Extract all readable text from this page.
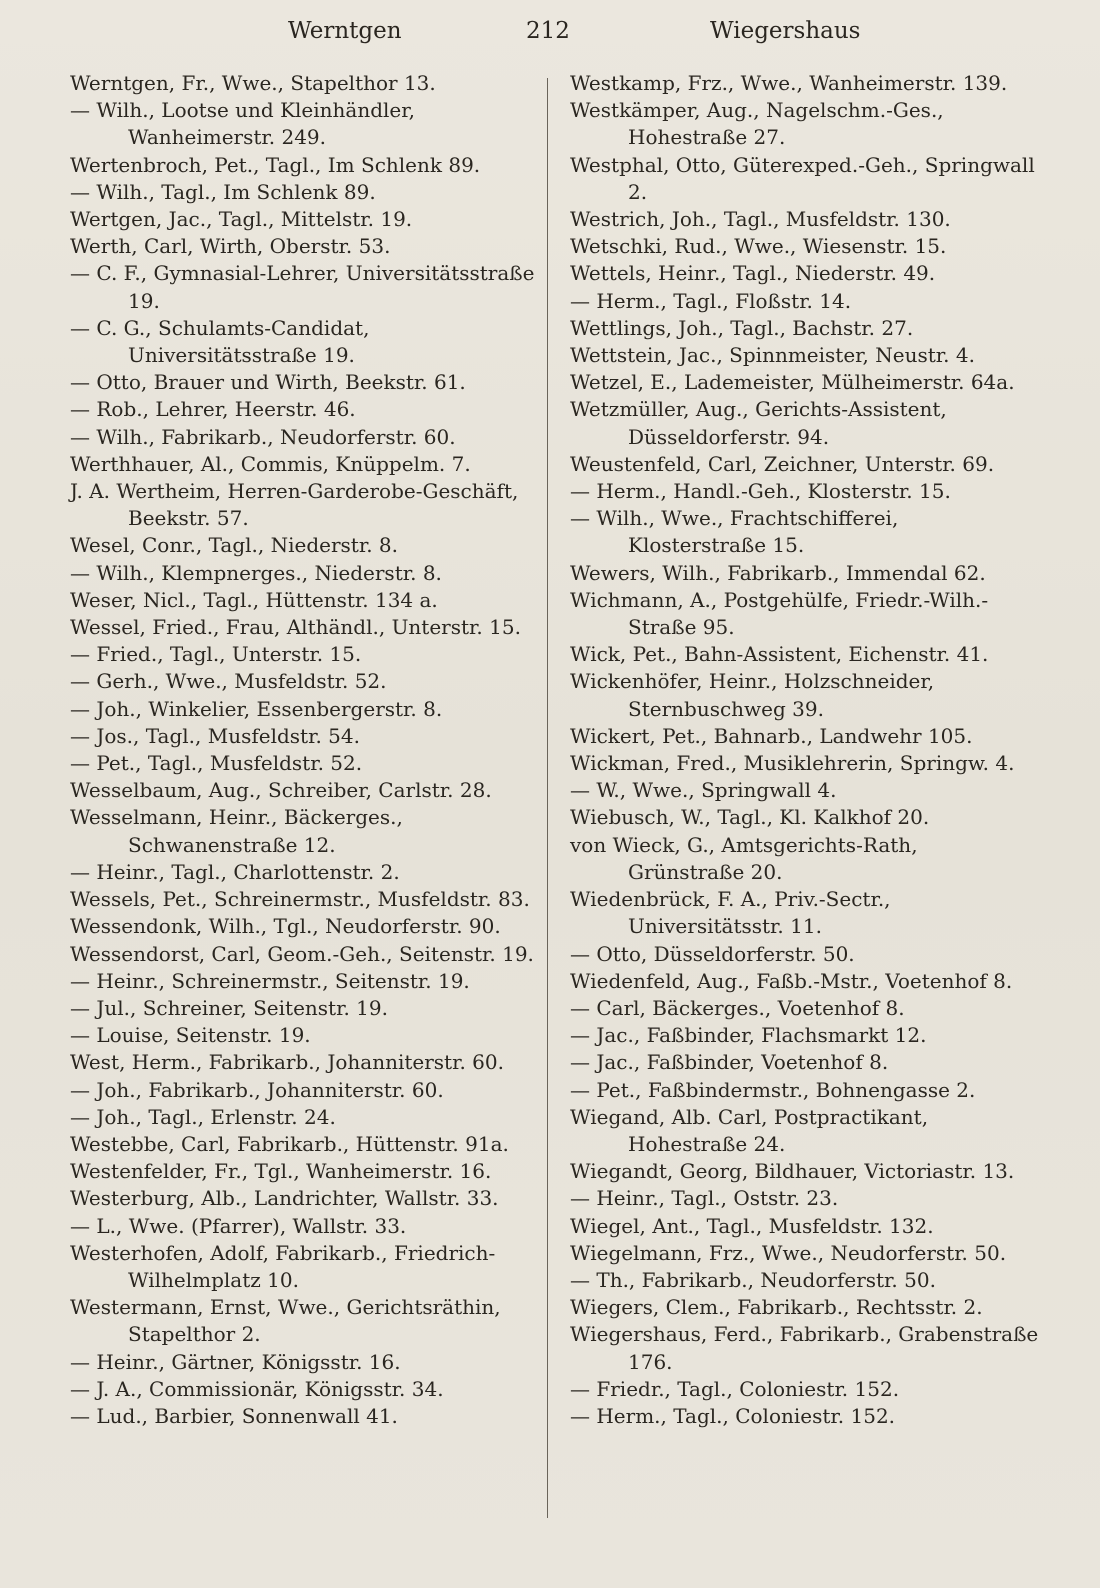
Werntgen	212	Wiegershaus

Werntgen, Fr., Wwe., Stapelthor 13.

— Wilh., Lootse und Kleinhändler, Wanheimerstr. 249.

Wertenbroch, Pet., Tagl., Im Schlenk 89.

— Wilh., Tagl., Im Schlenk 89.

Wertgen, Jac., Tagl., Mittelstr. 19.

Werth, Carl, Wirth, Oberstr. 53.

— C. F., Gymnasial-Lehrer, Universitätsstraße 19.

— C. G., Schulamts-Candidat, Universitätsstraße 19.

— Otto, Brauer und Wirth, Beekstr. 61.

— Rob., Lehrer, Heerstr. 46.

— Wilh., Fabrikarb., Neudorferstr. 60.

Werthhauer, Al., Commis, Knüppelm. 7.

J. A. Wertheim, Herren-Garderobe-Geschäft, Beekstr. 57.

Wesel, Conr., Tagl., Niederstr. 8.

— Wilh., Klempnerges., Niederstr. 8.

Weser, Nicl., Tagl., Hüttenstr. 134 a.

Wessel, Fried., Frau, Althändl., Unterstr. 15.

— Fried., Tagl., Unterstr. 15.

— Gerh., Wwe., Musfeldstr. 52.

— Joh., Winkelier, Essenbergerstr. 8.

— Jos., Tagl., Musfeldstr. 54.

— Pet., Tagl., Musfeldstr. 52.

Wesselbaum, Aug., Schreiber, Carlstr. 28.

Wesselmann, Heinr., Bäckerges., Schwanenstraße 12.

— Heinr., Tagl., Charlottenstr. 2.

Wessels, Pet., Schreinermstr., Musfeldstr. 83.

Wessendonk, Wilh., Tgl., Neudorferstr. 90.

Wessendorst, Carl, Geom.-Geh., Seitenstr. 19.

— Heinr., Schreinermstr., Seitenstr. 19.

— Jul., Schreiner, Seitenstr. 19.

— Louise, Seitenstr. 19.

West, Herm., Fabrikarb., Johanniterstr. 60.

— Joh., Fabrikarb., Johanniterstr. 60.

— Joh., Tagl., Erlenstr. 24.

Westebbe, Carl, Fabrikarb., Hüttenstr. 91a.

Westenfelder, Fr., Tgl., Wanheimerstr. 16.

Westerburg, Alb., Landrichter, Wallstr. 33.

— L., Wwe. (Pfarrer), Wallstr. 33.

Westerhofen, Adolf, Fabrikarb., Friedrich-Wilhelmplatz 10.

Westermann, Ernst, Wwe., Gerichtsräthin, Stapelthor 2.

— Heinr., Gärtner, Königsstr. 16.

— J. A., Commissionär, Königsstr. 34.

— Lud., Barbier, Sonnenwall 41.

Westkamp, Frz., Wwe., Wanheimerstr. 139.

Westkämper, Aug., Nagelschm.-Ges., Hohestraße 27.

Westphal, Otto, Güterexped.-Geh., Springwall 2.

Westrich, Joh., Tagl., Musfeldstr. 130.

Wetschki, Rud., Wwe., Wiesenstr. 15.

Wettels, Heinr., Tagl., Niederstr. 49.

— Herm., Tagl., Floßstr. 14.

Wettlings, Joh., Tagl., Bachstr. 27.

Wettstein, Jac., Spinnmeister, Neustr. 4.

Wetzel, E., Lademeister, Mülheimerstr. 64a.

Wetzmüller, Aug., Gerichts-Assistent, Düsseldorferstr. 94.

Weustenfeld, Carl, Zeichner, Unterstr. 69.

— Herm., Handl.-Geh., Klosterstr. 15.

— Wilh., Wwe., Frachtschifferei, Klosterstraße 15.

Wewers, Wilh., Fabrikarb., Immendal 62.

Wichmann, A., Postgehülfe, Friedr.-Wilh.-Straße 95.

Wick, Pet., Bahn-Assistent, Eichenstr. 41.

Wickenhöfer, Heinr., Holzschneider, Sternbuschweg 39.

Wickert, Pet., Bahnarb., Landwehr 105.

Wickman, Fred., Musiklehrerin, Springw. 4.

— W., Wwe., Springwall 4.

Wiebusch, W., Tagl., Kl. Kalkhof 20.

von Wieck, G., Amtsgerichts-Rath, Grünstraße 20.

Wiedenbrück, F. A., Priv.-Sectr., Universitätsstr. 11.

— Otto, Düsseldorferstr. 50.

Wiedenfeld, Aug., Faßb.-Mstr., Voetenhof 8.

— Carl, Bäckerges., Voetenhof 8.

— Jac., Faßbinder, Flachsmarkt 12.

— Jac., Faßbinder, Voetenhof 8.

— Pet., Faßbindermstr., Bohnengasse 2.

Wiegand, Alb. Carl, Postpractikant, Hohestraße 24.

Wiegandt, Georg, Bildhauer, Victoriastr. 13.

— Heinr., Tagl., Oststr. 23.

Wiegel, Ant., Tagl., Musfeldstr. 132.

Wiegelmann, Frz., Wwe., Neudorferstr. 50.

— Th., Fabrikarb., Neudorferstr. 50.

Wiegers, Clem., Fabrikarb., Rechtsstr. 2.

Wiegershaus, Ferd., Fabrikarb., Grabenstraße 176.

— Friedr., Tagl., Coloniestr. 152.

— Herm., Tagl., Coloniestr. 152.
